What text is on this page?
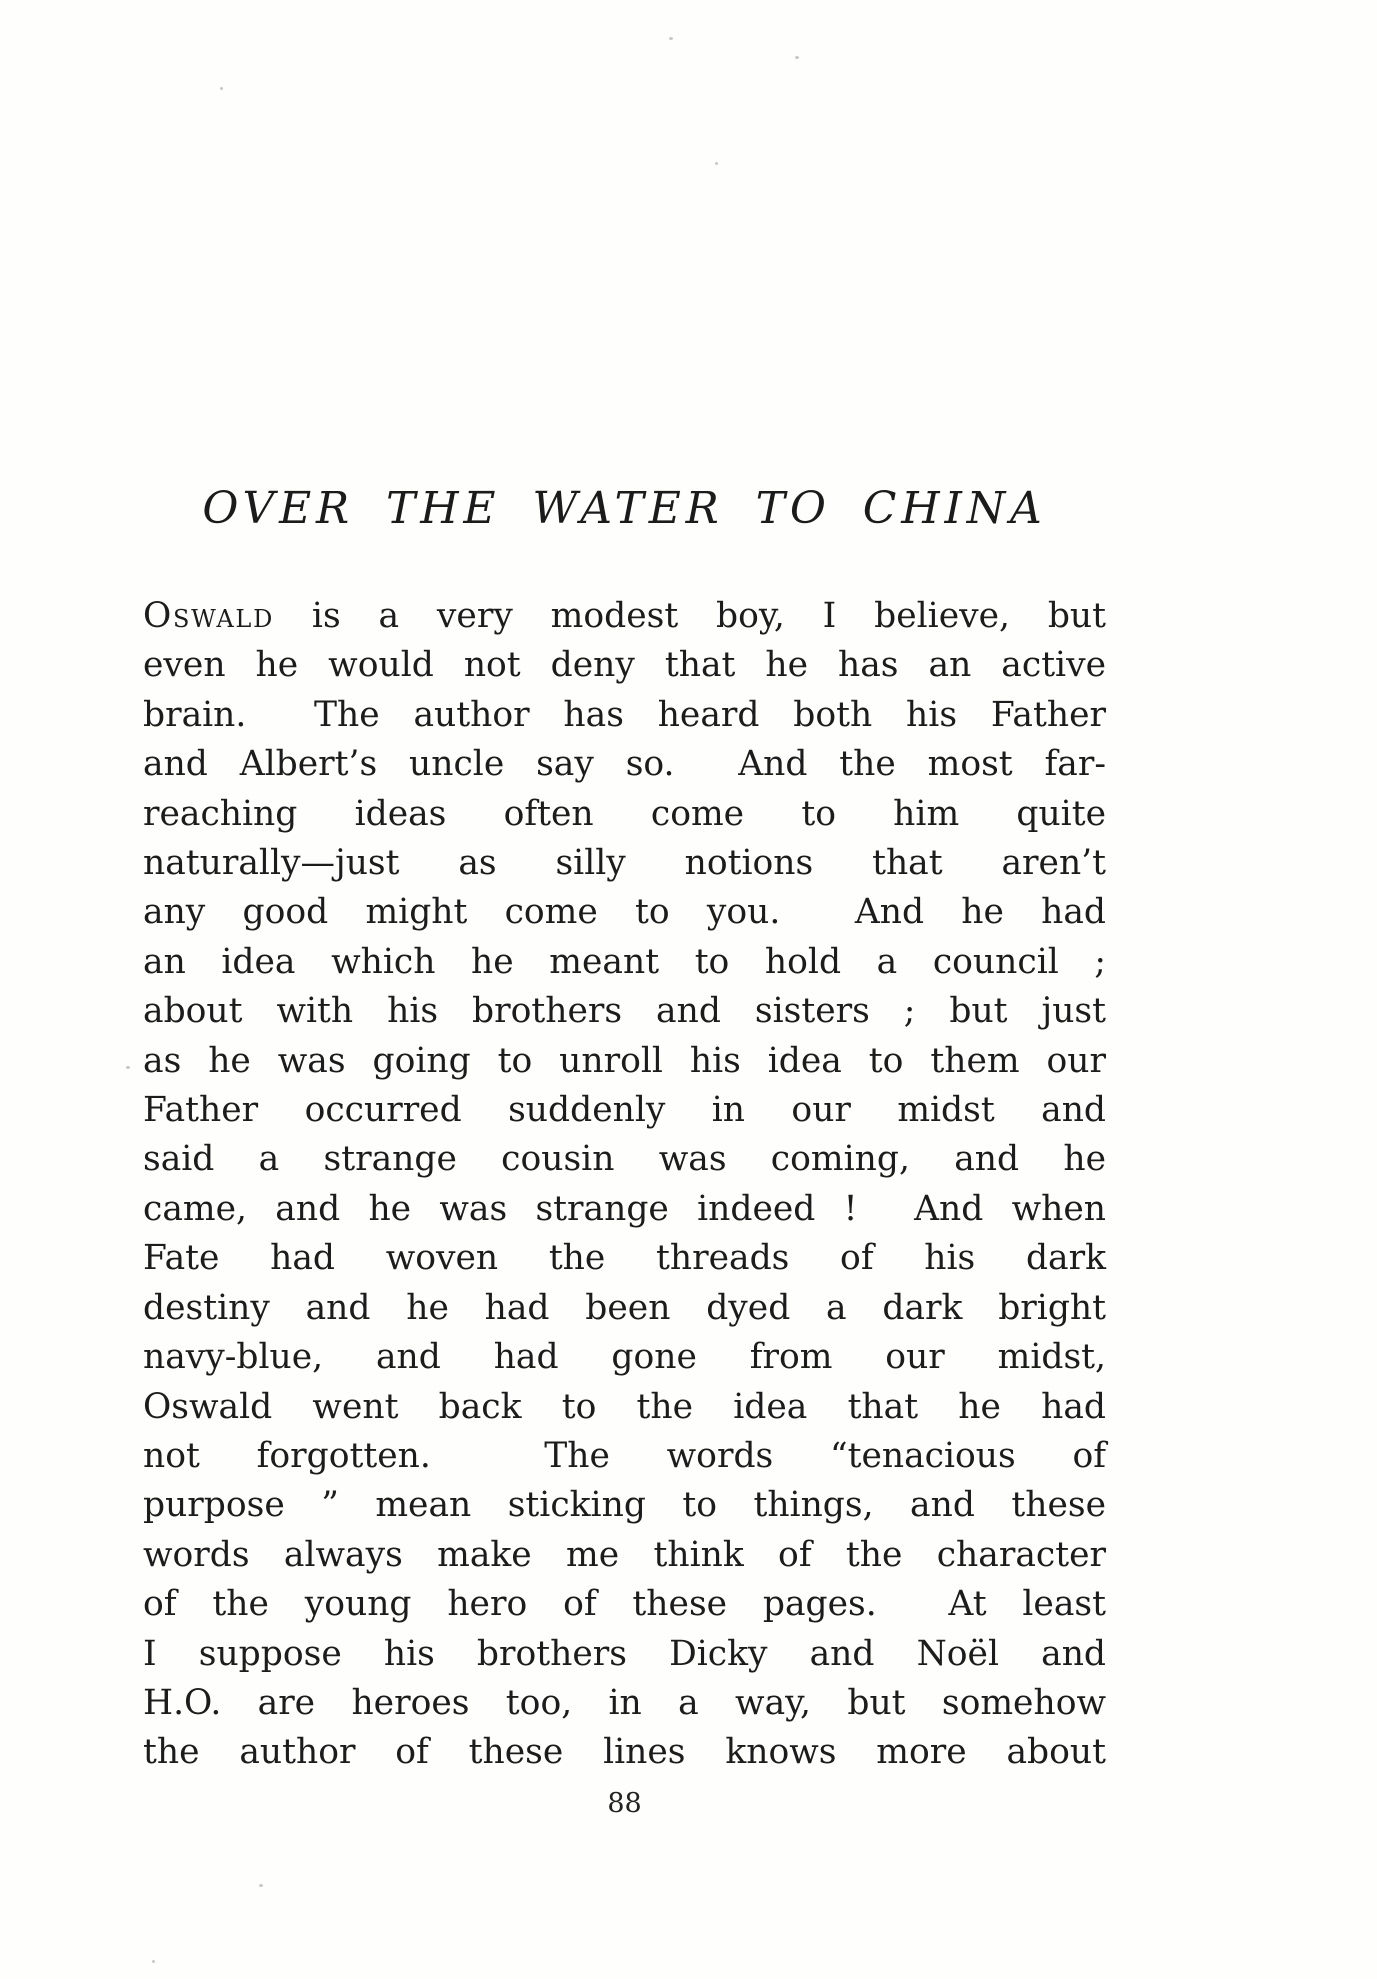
OVER THE WATER TO CHINA
Oswald is a very modest boy, I believe, but
even he would not deny that he has an active
brain.  The author has heard both his Father
and Albert’s uncle say so.  And the most far-
reaching ideas often come to him quite
naturally—just as silly notions that aren’t
any good might come to you.  And he had
an idea which he meant to hold a council ;
about with his brothers and sisters ; but just
as he was going to unroll his idea to them our
Father occurred suddenly in our midst and
said a strange cousin was coming, and he
came, and he was strange indeed !  And when
Fate had woven the threads of his dark
destiny and he had been dyed a dark bright
navy-blue, and had gone from our midst,
Oswald went back to the idea that he had
not forgotten.  The words “tenacious of
purpose ” mean sticking to things, and these
words always make me think of the character
of the young hero of these pages.  At least
I suppose his brothers Dicky and Noël and
H.O. are heroes too, in a way, but somehow
the author of these lines knows more about
88
